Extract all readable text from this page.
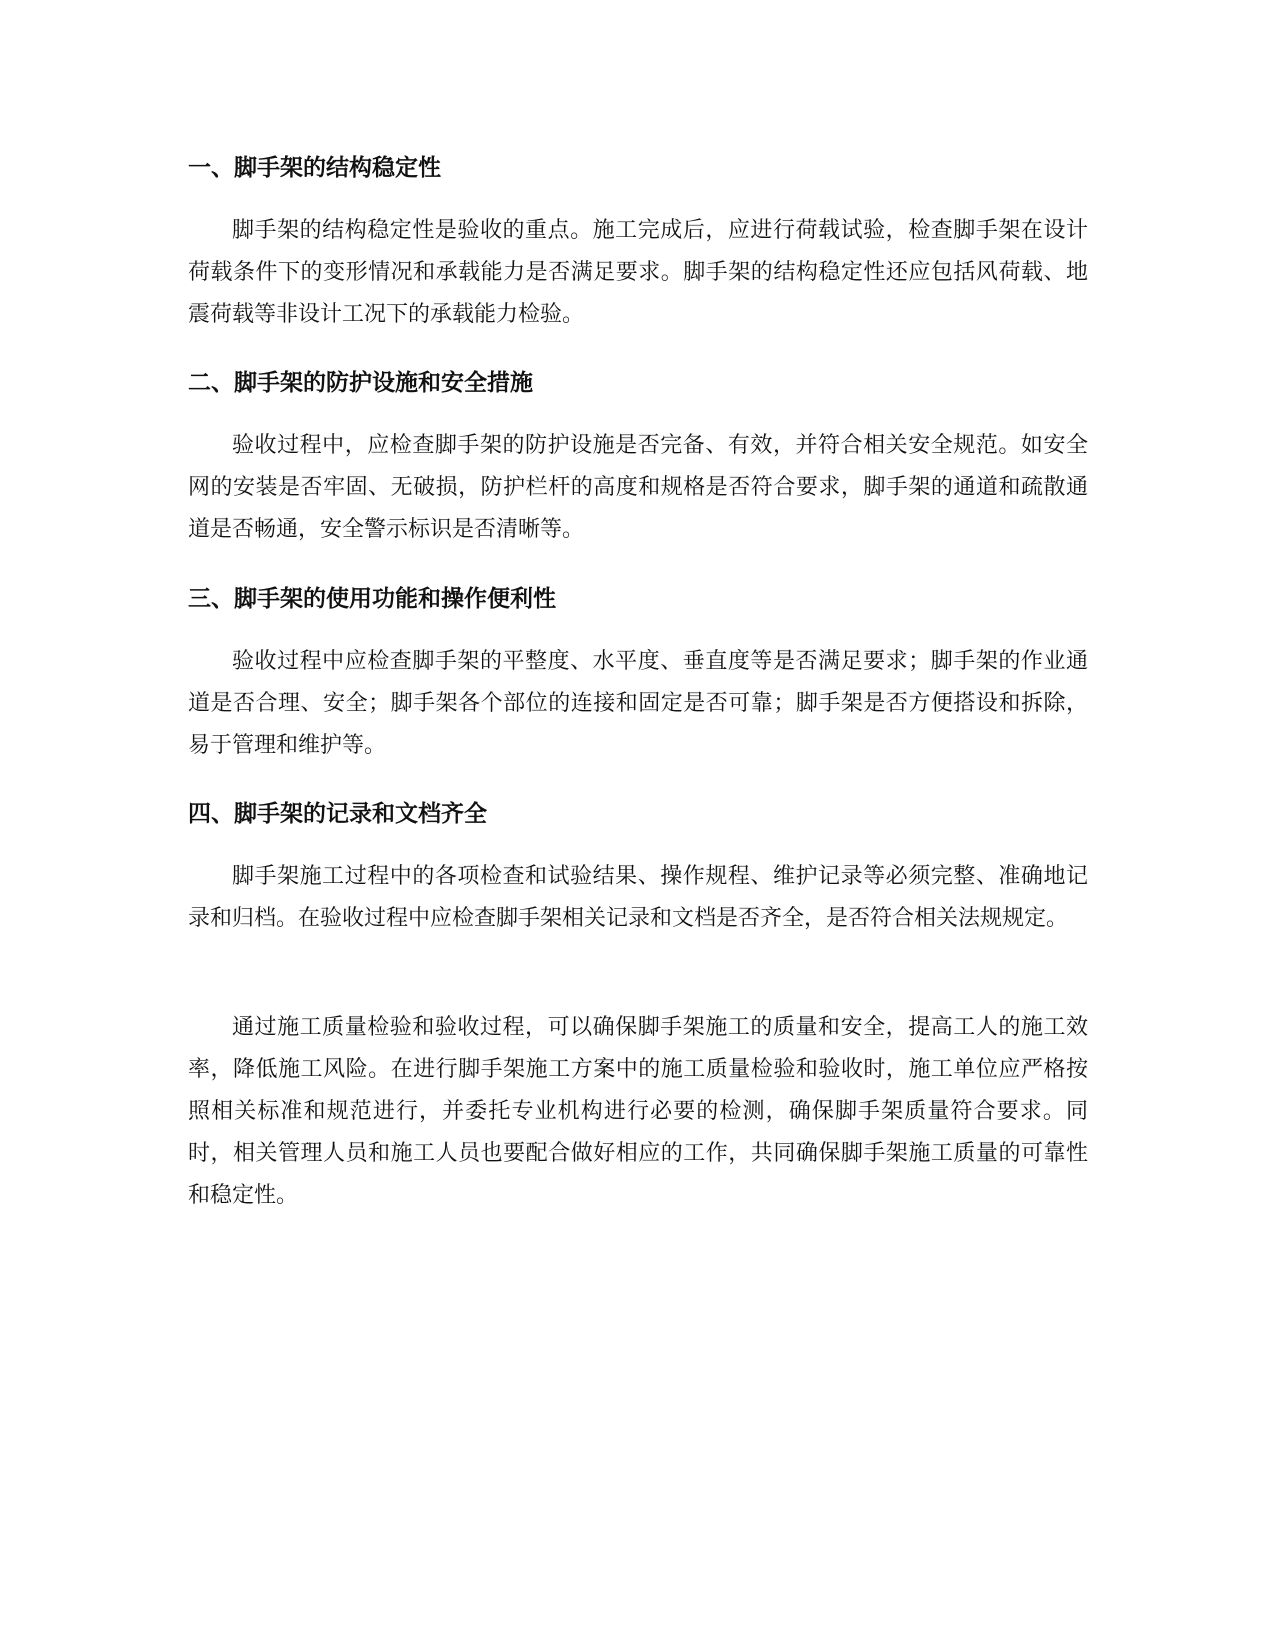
一、脚手架的结构稳定性

脚手架的结构稳定性是验收的重点。施工完成后，应进行荷载试验，检查脚手架在设计荷载条件下的变形情况和承载能力是否满足要求。脚手架的结构稳定性还应包括风荷载、地震荷载等非设计工况下的承载能力检验。

二、脚手架的防护设施和安全措施

验收过程中，应检查脚手架的防护设施是否完备、有效，并符合相关安全规范。如安全网的安装是否牢固、无破损，防护栏杆的高度和规格是否符合要求，脚手架的通道和疏散通道是否畅通，安全警示标识是否清晰等。

三、脚手架的使用功能和操作便利性

验收过程中应检查脚手架的平整度、水平度、垂直度等是否满足要求；脚手架的作业通道是否合理、安全；脚手架各个部位的连接和固定是否可靠；脚手架是否方便搭设和拆除，易于管理和维护等。

四、脚手架的记录和文档齐全

脚手架施工过程中的各项检查和试验结果、操作规程、维护记录等必须完整、准确地记录和归档。在验收过程中应检查脚手架相关记录和文档是否齐全，是否符合相关法规规定。

通过施工质量检验和验收过程，可以确保脚手架施工的质量和安全，提高工人的施工效率，降低施工风险。在进行脚手架施工方案中的施工质量检验和验收时，施工单位应严格按照相关标准和规范进行，并委托专业机构进行必要的检测，确保脚手架质量符合要求。同时，相关管理人员和施工人员也要配合做好相应的工作，共同确保脚手架施工质量的可靠性和稳定性。
